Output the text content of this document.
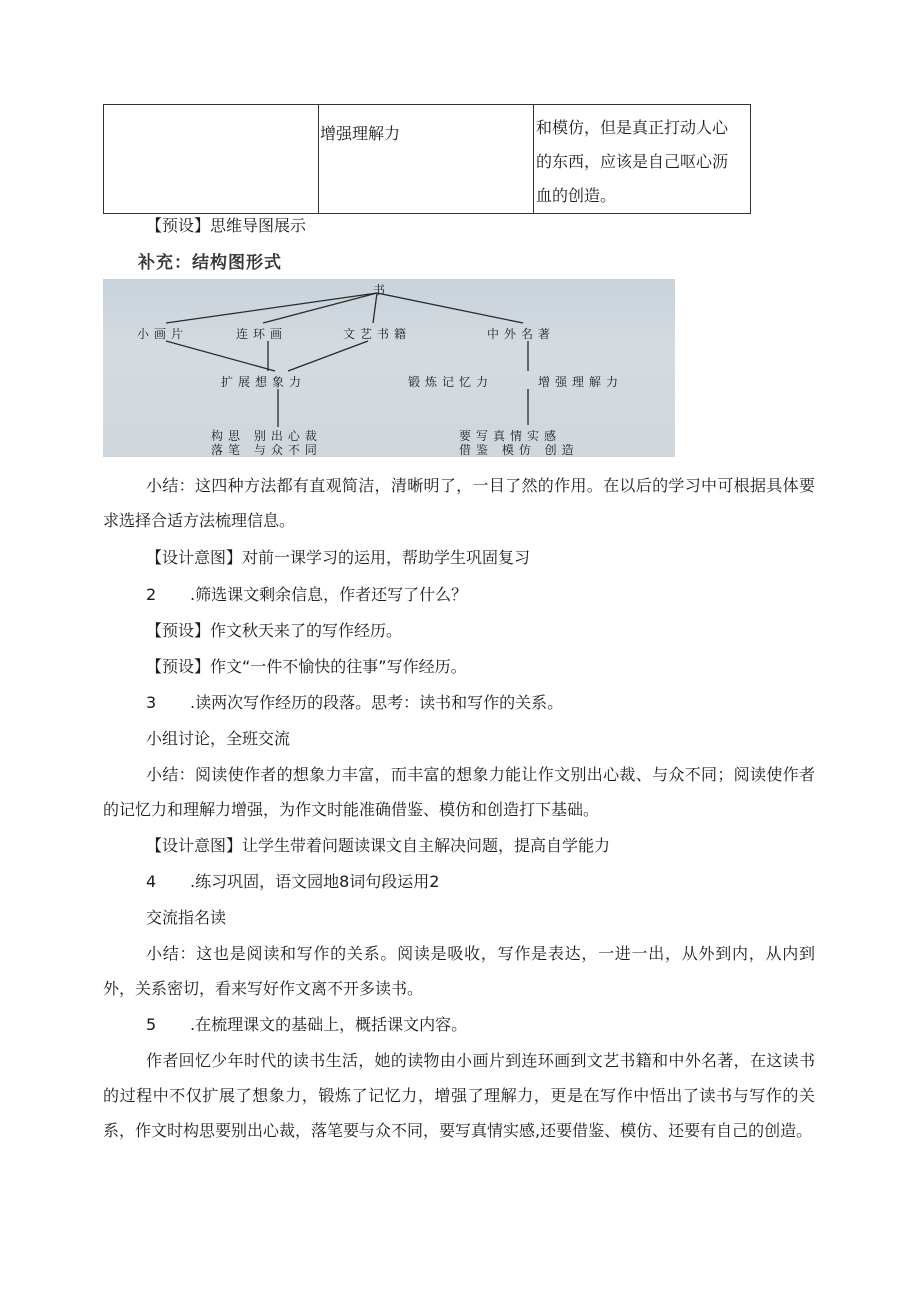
	增强理解力	和模仿，但是真正打动人心
的东西，应该是自己呕心沥
血的创造。
【预设】思维导图展示
补充：结构图形式
书
小画片	连环画	文艺书籍	中外名著
扩展想象力	锻炼记忆力	增强理解力
构思 别出心裁
落笔 与众不同
要写真情实感
借鉴 模仿 创造
小结：这四种方法都有直观简洁，清晰明了，一目了然的作用。在以后的学习中可根据具体要求选择合适方法梳理信息。
【设计意图】对前一课学习的运用，帮助学生巩固复习
2 .筛选课文剩余信息，作者还写了什么？
【预设】作文秋天来了的写作经历。
【预设】作文“一件不愉快的往事”写作经历。
3 .读两次写作经历的段落。思考：读书和写作的关系。
小组讨论，全班交流
小结：阅读使作者的想象力丰富，而丰富的想象力能让作文别出心裁、与众不同；阅读使作者的记忆力和理解力增强，为作文时能准确借鉴、模仿和创造打下基础。
【设计意图】让学生带着问题读课文自主解决问题，提高自学能力
4 .练习巩固，语文园地8词句段运用2
交流指名读
小结：这也是阅读和写作的关系。阅读是吸收，写作是表达，一进一出，从外到内，从内到外，关系密切，看来写好作文离不开多读书。
5 .在梳理课文的基础上，概括课文内容。
作者回忆少年时代的读书生活，她的读物由小画片到连环画到文艺书籍和中外名著，在这读书的过程中不仅扩展了想象力，锻炼了记忆力，增强了理解力，更是在写作中悟出了读书与写作的关系，作文时构思要别出心裁，落笔要与众不同，要写真情实感,还要借鉴、模仿、还要有自己的创造。
